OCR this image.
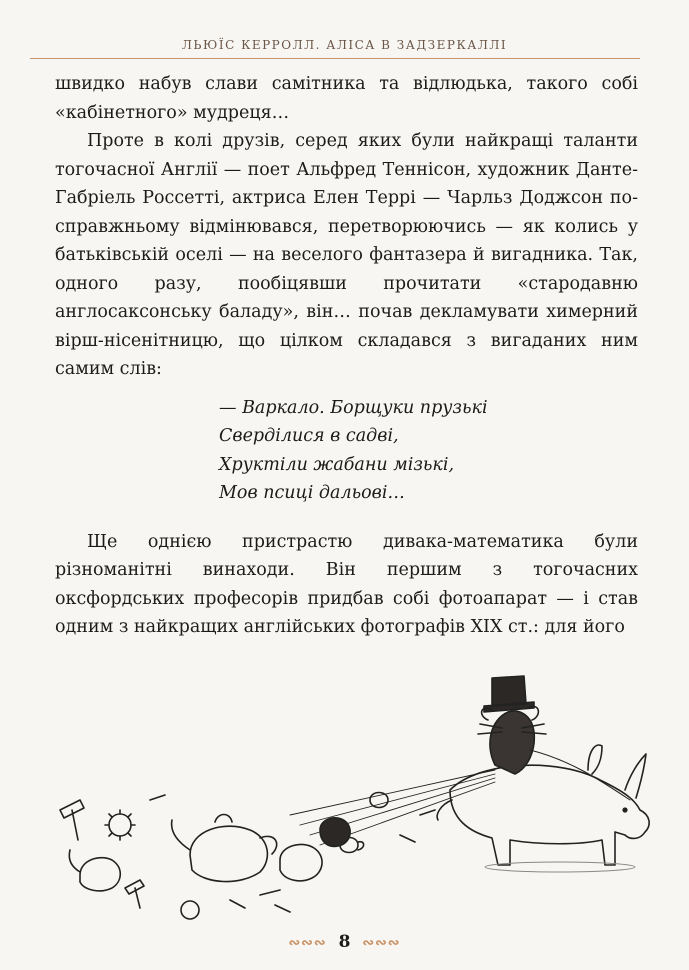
ЛЬЮЇС КЕРРОЛЛ. АЛІСА В ЗАДЗЕРКАЛЛІ

швидко набув слави самітника та відлюдька, такого собі «кабінетного» мудреця…

Проте в колі друзів, серед яких були найкращі таланти тогочасної Англії — поет Альфред Теннісон, художник Данте-Габріель Россетті, актриса Елен Террі — Чарльз Доджсон по-справжньому відмінювався, перетворюючись — як колись у батьківській оселі — на веселого фантазера й вигадника. Так, одного разу, пообіцявши прочитати «стародавню англосаксонську баладу», він… почав декламувати химерний вірш-нісенітницю, що цілком складався з вигаданих ним самим слів:

— Варкало. Борщуки прузькі
Свердiлися в садві,
Хруктіли жабани мізькі,
Мов псиці дальові…

Ще однією пристрастю дивака-математика були різноманітні винаходи. Він першим з тогочасних оксфордських професорів придбав собі фотоапарат — і став одним з найкращих англійських фотографів XIX ст.: для його

∾∾∾ 8 ∾∾∾
